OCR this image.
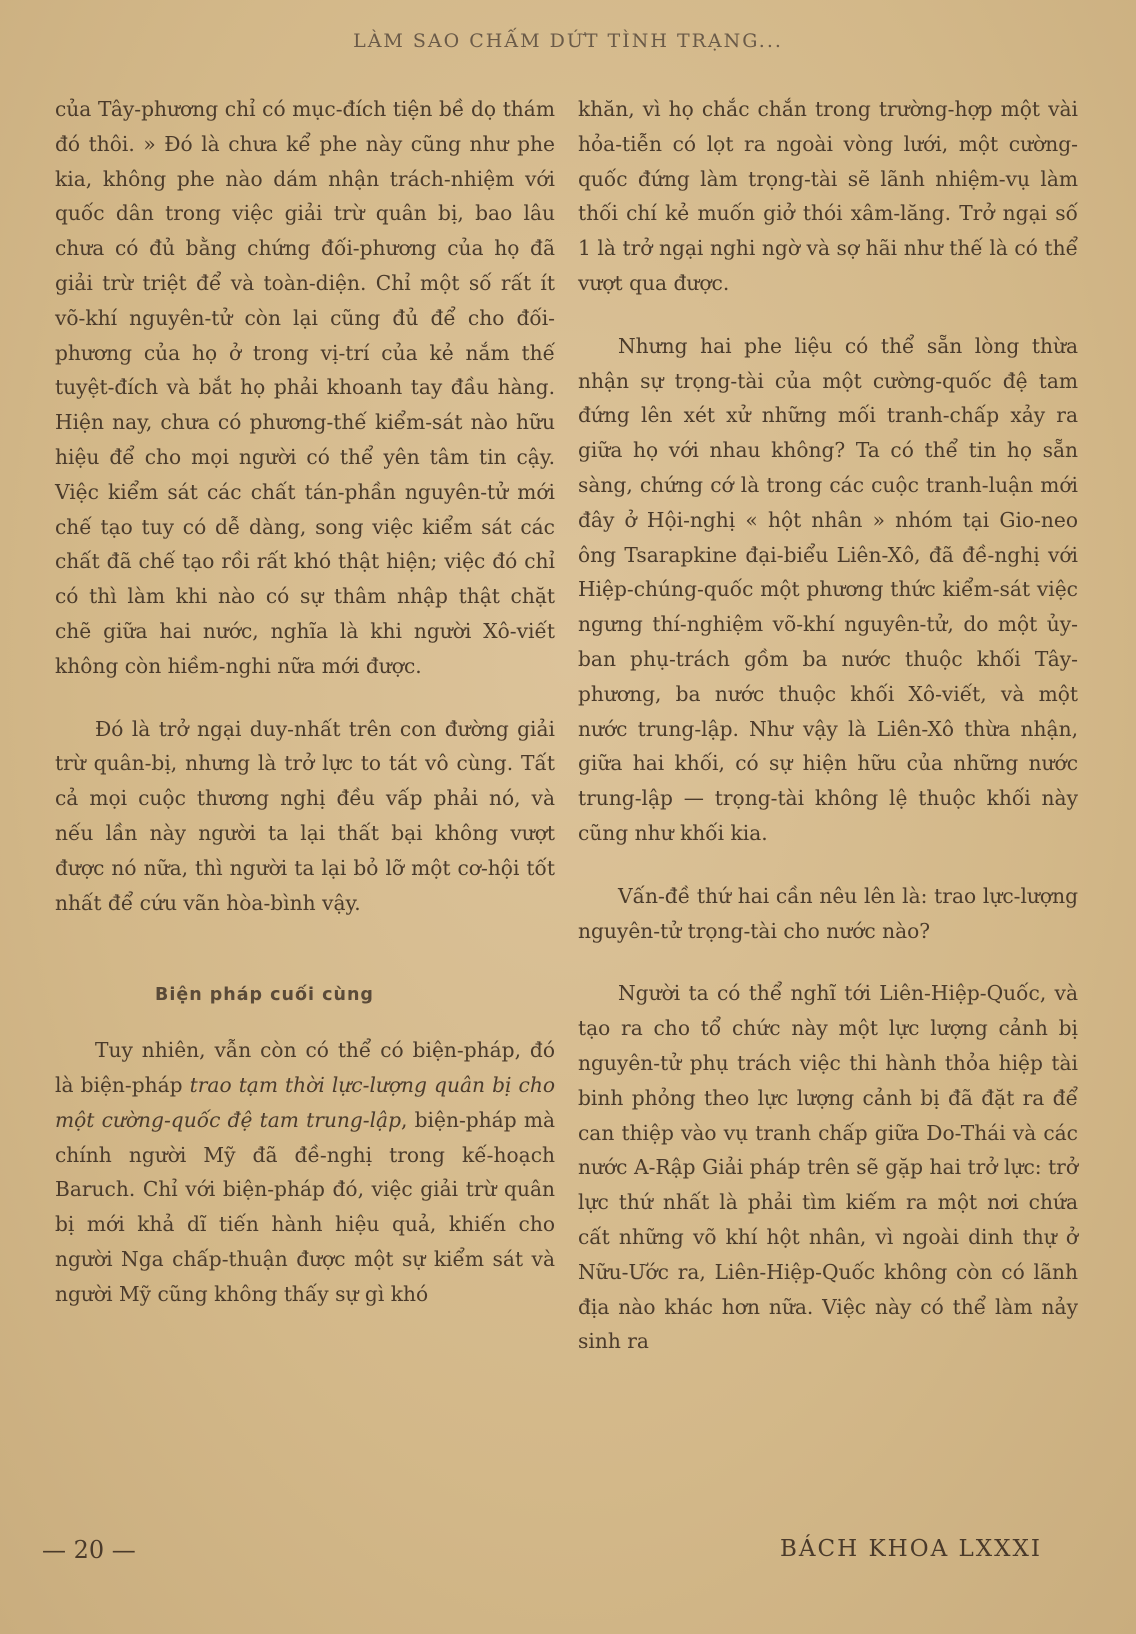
LÀM SAO CHẤM DỨT TÌNH TRẠNG...

của Tây-phương chỉ có mục-đích tiện bề dọ thám đó thôi. » Đó là chưa kể phe này cũng như phe kia, không phe nào dám nhận trách-nhiệm với quốc dân trong việc giải trừ quân bị, bao lâu chưa có đủ bằng chứng đối-phương của họ đã giải trừ triệt để và toàn-diện. Chỉ một số rất ít võ-khí nguyên-tử còn lại cũng đủ để cho đối-phương của họ ở trong vị-trí của kẻ nắm thế tuyệt-đích và bắt họ phải khoanh tay đầu hàng. Hiện nay, chưa có phương-thế kiểm-sát nào hữu hiệu để cho mọi người có thể yên tâm tin cậy. Việc kiểm sát các chất tán-phần nguyên-tử mới chế tạo tuy có dễ dàng, song việc kiểm sát các chất đã chế tạo rồi rất khó thật hiện; việc đó chỉ có thì làm khi nào có sự thâm nhập thật chặt chẽ giữa hai nước, nghĩa là khi người Xô-viết không còn hiềm-nghi nữa mới được.

Đó là trở ngại duy-nhất trên con đường giải trừ quân-bị, nhưng là trở lực to tát vô cùng. Tất cả mọi cuộc thương nghị đều vấp phải nó, và nếu lần này người ta lại thất bại không vượt được nó nữa, thì người ta lại bỏ lỡ một cơ-hội tốt nhất để cứu vãn hòa-bình vậy.

Biện pháp cuối cùng

Tuy nhiên, vẫn còn có thể có biện-pháp, đó là biện-pháp trao tạm thời lực-lượng quân bị cho một cường-quốc đệ tam trung-lập, biện-pháp mà chính người Mỹ đã đề-nghị trong kế-hoạch Baruch. Chỉ với biện-pháp đó, việc giải trừ quân bị mới khả dĩ tiến hành hiệu quả, khiến cho người Nga chấp-thuận được một sự kiểm sát và người Mỹ cũng không thấy sự gì khó

khăn, vì họ chắc chắn trong trường-hợp một vài hỏa-tiễn có lọt ra ngoài vòng lưới, một cường-quốc đứng làm trọng-tài sẽ lãnh nhiệm-vụ làm thối chí kẻ muốn giở thói xâm-lăng. Trở ngại số 1 là trở ngại nghi ngờ và sợ hãi như thế là có thể vượt qua được.

Nhưng hai phe liệu có thể sẵn lòng thừa nhận sự trọng-tài của một cường-quốc đệ tam đứng lên xét xử những mối tranh-chấp xảy ra giữa họ với nhau không? Ta có thể tin họ sẵn sàng, chứng cớ là trong các cuộc tranh-luận mới đây ở Hội-nghị « hột nhân » nhóm tại Gio-neo ông Tsarapkine đại-biểu Liên-Xô, đã đề-nghị với Hiệp-chúng-quốc một phương thức kiểm-sát việc ngưng thí-nghiệm võ-khí nguyên-tử, do một ủy-ban phụ-trách gồm ba nước thuộc khối Tây-phương, ba nước thuộc khối Xô-viết, và một nước trung-lập. Như vậy là Liên-Xô thừa nhận, giữa hai khối, có sự hiện hữu của những nước trung-lập — trọng-tài không lệ thuộc khối này cũng như khối kia.

Vấn-đề thứ hai cần nêu lên là: trao lực-lượng nguyên-tử trọng-tài cho nước nào?

Người ta có thể nghĩ tới Liên-Hiệp-Quốc, và tạo ra cho tổ chức này một lực lượng cảnh bị nguyên-tử phụ trách việc thi hành thỏa hiệp tài binh phỏng theo lực lượng cảnh bị đã đặt ra để can thiệp vào vụ tranh chấp giữa Do-Thái và các nước A-Rập Giải pháp trên sẽ gặp hai trở lực: trở lực thứ nhất là phải tìm kiếm ra một nơi chứa cất những võ khí hột nhân, vì ngoài dinh thự ở Nữu-Ước ra, Liên-Hiệp-Quốc không còn có lãnh địa nào khác hơn nữa. Việc này có thể làm nảy sinh ra

— 20 —	BÁCH KHOA LXXXI
